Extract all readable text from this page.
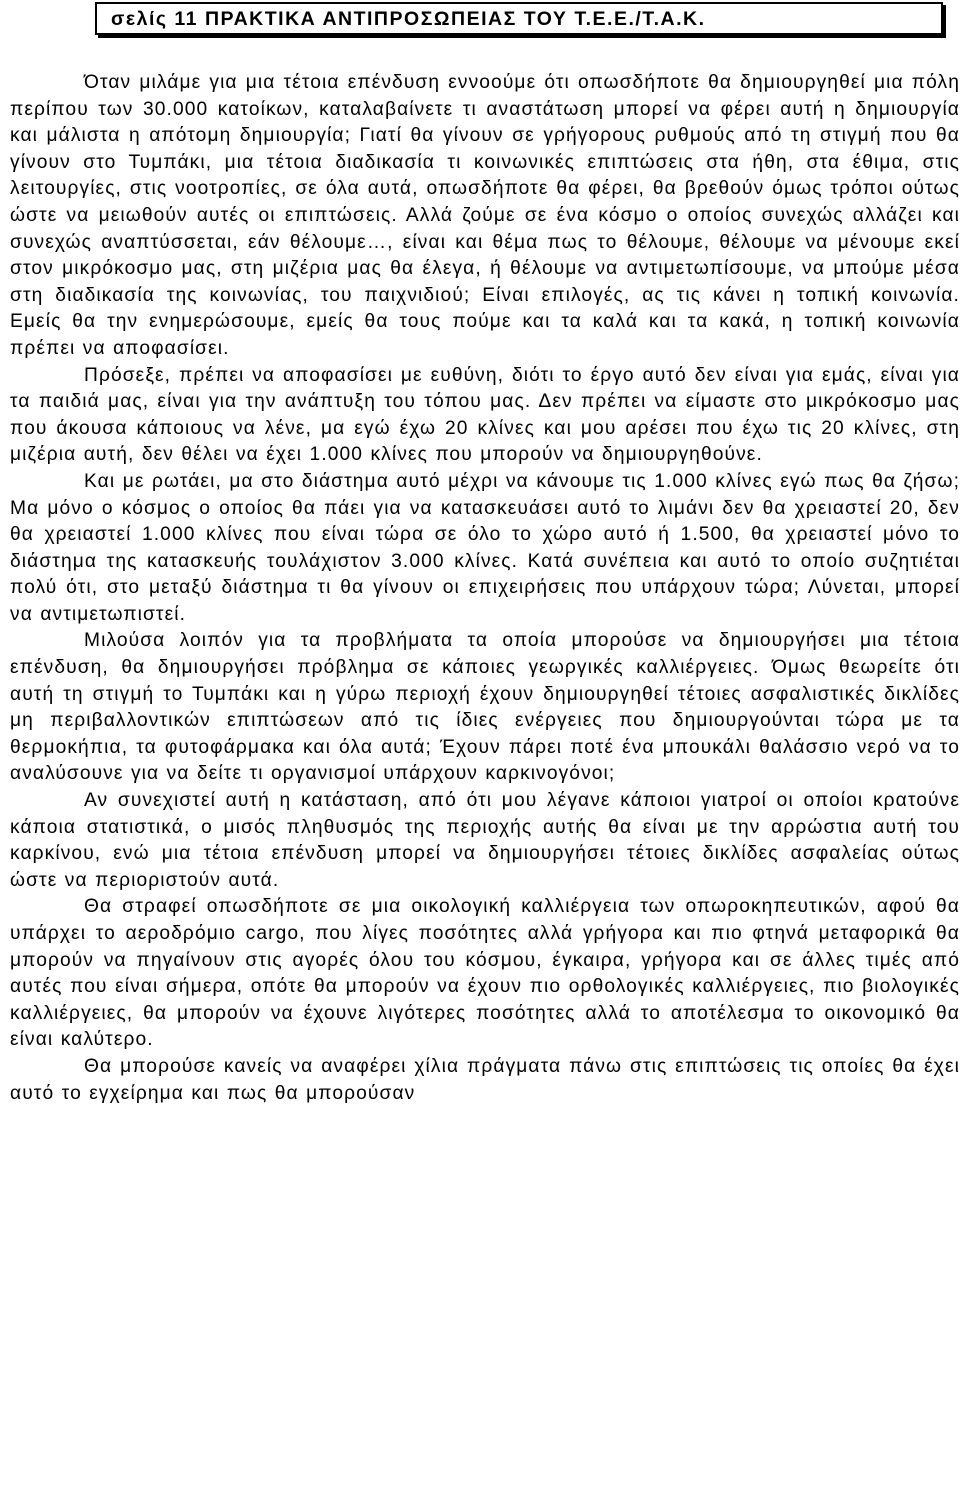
σελίς 11 ΠΡΑΚΤΙΚΑ ΑΝΤΙΠΡΟΣΩΠΕΙΑΣ ΤΟΥ Τ.Ε.Ε./Τ.Α.Κ.

Όταν μιλάμε για μια τέτοια επένδυση εννοούμε ότι οπωσδήποτε θα δημιουργηθεί μια πόλη περίπου των 30.000 κατοίκων, καταλαβαίνετε τι αναστάτωση μπορεί να φέρει αυτή η δημιουργία και μάλιστα η απότομη δημιουργία; Γιατί θα γίνουν σε γρήγορους ρυθμούς από τη στιγμή που θα γίνουν στο Τυμπάκι, μια τέτοια διαδικασία τι κοινωνικές επιπτώσεις στα ήθη, στα έθιμα, στις λειτουργίες, στις νοοτροπίες, σε όλα αυτά, οπωσδήποτε θα φέρει, θα βρεθούν όμως τρόποι ούτως ώστε να μειωθούν αυτές οι επιπτώσεις. Αλλά ζούμε σε ένα κόσμο ο οποίος συνεχώς αλλάζει και συνεχώς αναπτύσσεται, εάν θέλουμε…, είναι και θέμα πως το θέλουμε, θέλουμε να μένουμε εκεί στον μικρόκοσμο μας, στη μιζέρια μας θα έλεγα, ή θέλουμε να αντιμετωπίσουμε, να μπούμε μέσα στη διαδικασία της κοινωνίας, του παιχνιδιού; Είναι επιλογές, ας τις κάνει η τοπική κοινωνία. Εμείς θα την ενημερώσουμε, εμείς θα τους πούμε και τα καλά και τα κακά, η τοπική κοινωνία πρέπει να αποφασίσει.

Πρόσεξε, πρέπει να αποφασίσει με ευθύνη, διότι το έργο αυτό δεν είναι για εμάς, είναι για τα παιδιά μας, είναι για την ανάπτυξη του τόπου μας. Δεν πρέπει να είμαστε στο μικρόκοσμο μας που άκουσα κάποιους να λένε, μα εγώ έχω 20 κλίνες και μου αρέσει που έχω τις 20 κλίνες, στη μιζέρια αυτή, δεν θέλει να έχει 1.000 κλίνες που μπορούν να δημιουργηθούνε.

Και με ρωτάει, μα στο διάστημα αυτό μέχρι να κάνουμε τις 1.000 κλίνες εγώ πως θα ζήσω; Μα μόνο ο κόσμος ο οποίος θα πάει για να κατασκευάσει αυτό το λιμάνι δεν θα χρειαστεί 20, δεν θα χρειαστεί 1.000 κλίνες που είναι τώρα σε όλο το χώρο αυτό ή 1.500, θα χρειαστεί μόνο το διάστημα της κατασκευής τουλάχιστον 3.000 κλίνες. Κατά συνέπεια και αυτό το οποίο συζητιέται πολύ ότι, στο μεταξύ διάστημα τι θα γίνουν οι επιχειρήσεις που υπάρχουν τώρα; Λύνεται, μπορεί να αντιμετωπιστεί.

Μιλούσα λοιπόν για τα προβλήματα τα οποία μπορούσε να δημιουργήσει μια τέτοια επένδυση, θα δημιουργήσει πρόβλημα σε κάποιες γεωργικές καλλιέργειες. Όμως θεωρείτε ότι αυτή τη στιγμή το Τυμπάκι και η γύρω περιοχή έχουν δημιουργηθεί τέτοιες ασφαλιστικές δικλίδες μη περιβαλλοντικών επιπτώσεων από τις ίδιες ενέργειες που δημιουργούνται τώρα με τα θερμοκήπια, τα φυτοφάρμακα και όλα αυτά; Έχουν πάρει ποτέ ένα μπουκάλι θαλάσσιο νερό να το αναλύσουνε για να δείτε τι οργανισμοί υπάρχουν καρκινογόνοι;

Αν συνεχιστεί αυτή η κατάσταση, από ότι μου λέγανε κάποιοι γιατροί οι οποίοι κρατούνε κάποια στατιστικά, ο μισός πληθυσμός της περιοχής αυτής θα είναι με την αρρώστια αυτή του καρκίνου, ενώ μια τέτοια επένδυση μπορεί να δημιουργήσει τέτοιες δικλίδες ασφαλείας ούτως ώστε να περιοριστούν αυτά.

Θα στραφεί οπωσδήποτε σε μια οικολογική καλλιέργεια των οπωροκηπευτικών, αφού θα υπάρχει το αεροδρόμιο cargo, που λίγες ποσότητες αλλά γρήγορα και πιο φτηνά μεταφορικά θα μπορούν να πηγαίνουν στις αγορές όλου του κόσμου, έγκαιρα, γρήγορα και σε άλλες τιμές από αυτές που είναι σήμερα, οπότε θα μπορούν να έχουν πιο ορθολογικές καλλιέργειες, πιο βιολογικές καλλιέργειες, θα μπορούν να έχουνε λιγότερες ποσότητες αλλά το αποτέλεσμα το οικονομικό θα είναι καλύτερο.

Θα μπορούσε κανείς να αναφέρει χίλια πράγματα πάνω στις επιπτώσεις τις οποίες θα έχει αυτό το εγχείρημα και πως θα μπορούσαν
